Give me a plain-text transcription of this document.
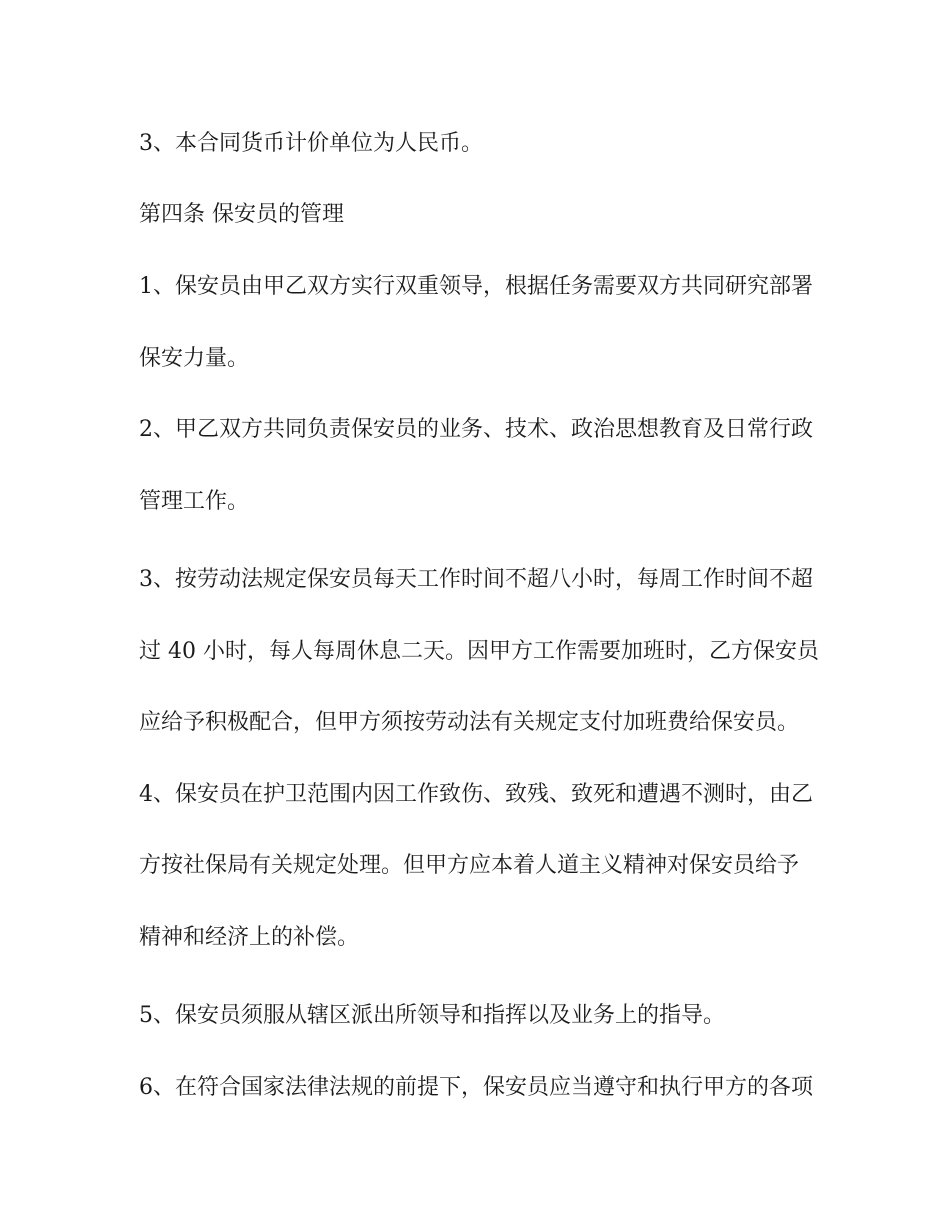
3、本合同货币计价单位为人民币。

第四条 保安员的管理

1、保安员由甲乙双方实行双重领导，根据任务需要双方共同研究部署

保安力量。

2、甲乙双方共同负责保安员的业务、技术、政治思想教育及日常行政

管理工作。

3、按劳动法规定保安员每天工作时间不超八小时，每周工作时间不超

过 40 小时，每人每周休息二天。因甲方工作需要加班时，乙方保安员

应给予积极配合，但甲方须按劳动法有关规定支付加班费给保安员。

4、保安员在护卫范围内因工作致伤、致残、致死和遭遇不测时，由乙

方按社保局有关规定处理。但甲方应本着人道主义精神对保安员给予

精神和经济上的补偿。

5、保安员须服从辖区派出所领导和指挥以及业务上的指导。

6、在符合国家法律法规的前提下，保安员应当遵守和执行甲方的各项
